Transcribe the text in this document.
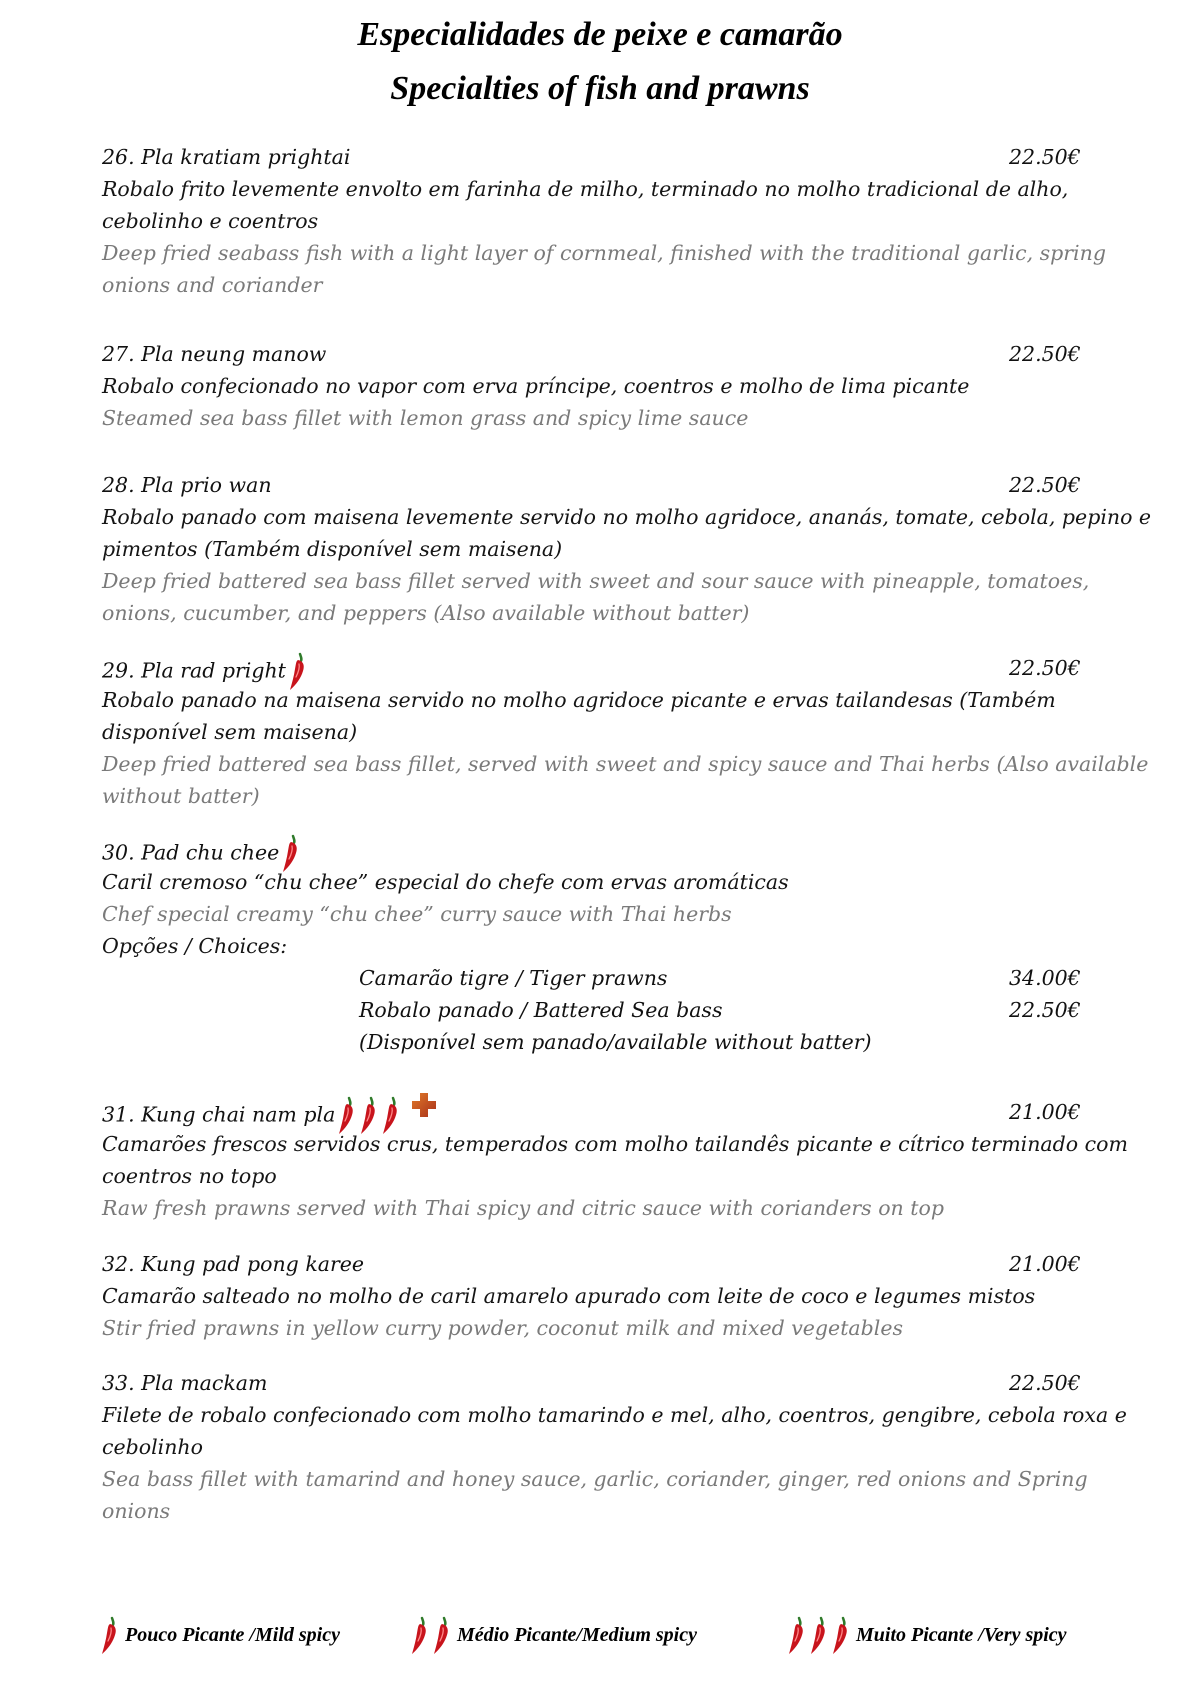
Especialidades de peixe e camarão
Specialties of fish and prawns
26. Pla kratiam prightai	22.50€
Robalo frito levemente envolto em farinha de milho, terminado no molho tradicional de alho, cebolinho e coentros
Deep fried seabass fish with a light layer of cornmeal, finished with the traditional garlic, spring onions and coriander
27. Pla neung manow	22.50€
Robalo confecionado no vapor com erva príncipe, coentros e molho de lima picante
Steamed sea bass fillet with lemon grass and spicy lime sauce
28. Pla prio wan	22.50€
Robalo panado com maisena levemente servido no molho agridoce, ananás, tomate, cebola, pepino e pimentos (Também disponível sem maisena)
Deep fried battered sea bass fillet served with sweet and sour sauce with pineapple, tomatoes, onions, cucumber, and peppers (Also available without batter)
29. Pla rad pright	22.50€
Robalo panado na maisena servido no molho agridoce picante e ervas tailandesas (Também disponível sem maisena)
Deep fried battered sea bass fillet, served with sweet and spicy sauce and Thai herbs (Also available without batter)
30. Pad chu chee
Caril cremoso “chu chee” especial do chefe com ervas aromáticas
Chef special creamy “chu chee” curry sauce with Thai herbs
Opções / Choices:
Camarão tigre / Tiger prawns	34.00€
Robalo panado / Battered Sea bass	22.50€
(Disponível sem panado/available without batter)
31. Kung chai nam pla	21.00€
Camarões frescos servidos crus, temperados com molho tailandês picante e cítrico terminado com coentros no topo
Raw fresh prawns served with Thai spicy and citric sauce with corianders on top
32. Kung pad pong karee	21.00€
Camarão salteado no molho de caril amarelo apurado com leite de coco e legumes mistos
Stir fried prawns in yellow curry powder, coconut milk and mixed vegetables
33. Pla mackam	22.50€
Filete de robalo confecionado com molho tamarindo e mel, alho, coentros, gengibre, cebola roxa e cebolinho
Sea bass fillet with tamarind and honey sauce, garlic, coriander, ginger, red onions and Spring onions
Pouco Picante /Mild spicy	Médio Picante/Medium spicy	Muito Picante /Very spicy
